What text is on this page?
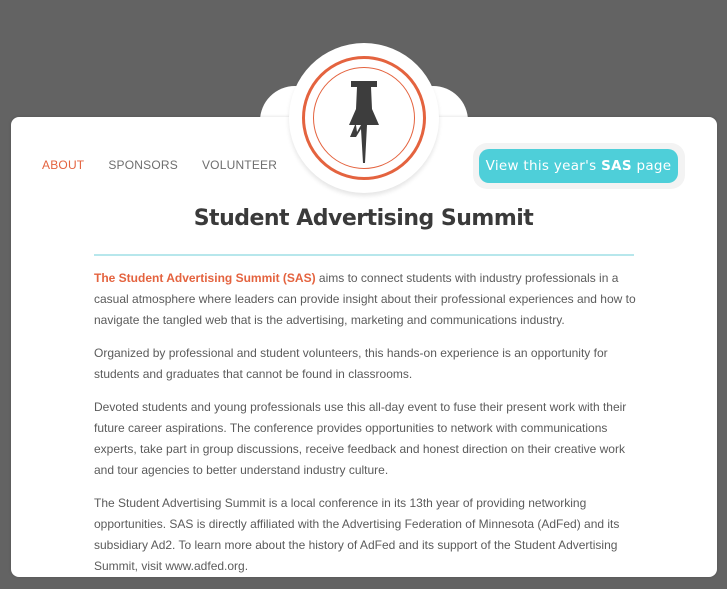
ABOUT SPONSORS VOLUNTEER	View this year's SAS page
Student Advertising Summit

The Student Advertising Summit (SAS) aims to connect students with industry professionals in a casual atmosphere where leaders can provide insight about their professional experiences and how to navigate the tangled web that is the advertising, marketing and communications industry.

Organized by professional and student volunteers, this hands-on experience is an opportunity for students and graduates that cannot be found in classrooms.

Devoted students and young professionals use this all-day event to fuse their present work with their future career aspirations. The conference provides opportunities to network with communications experts, take part in group discussions, receive feedback and honest direction on their creative work and tour agencies to better understand industry culture.

The Student Advertising Summit is a local conference in its 13th year of providing networking opportunities. SAS is directly affiliated with the Advertising Federation of Minnesota (AdFed) and its subsidiary Ad2. To learn more about the history of AdFed and its support of the Student Advertising Summit, visit www.adfed.org.
